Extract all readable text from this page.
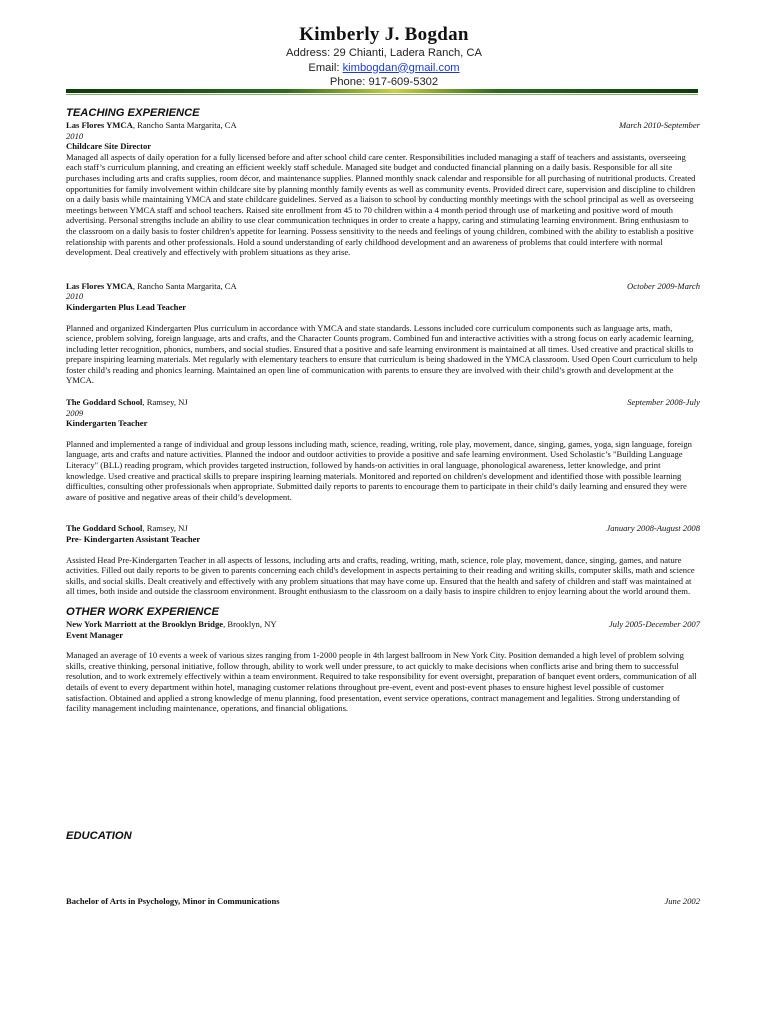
Kimberly J. Bogdan
Address: 29 Chianti, Ladera Ranch, CA
Email: kimbogdan@gmail.com
Phone: 917-609-5302
TEACHING EXPERIENCE
Las Flores YMCA, Rancho Santa Margarita, CA	March 2010-September
2010
Childcare Site Director

Managed all aspects of daily operation for a fully licensed before and after school child care center. Responsibilities included managing a staff of teachers and assistants, overseeing each staff’s curriculum planning, and creating an efficient weekly staff schedule. Managed site budget and conducted financial planning on a daily basis. Responsible for all site purchases including arts and crafts supplies, room décor, and maintenance supplies. Planned monthly snack calendar and responsible for all purchasing of nutritional products. Created opportunities for family involvement within childcare site by planning monthly family events as well as community events. Provided direct care, supervision and discipline to children on a daily basis while maintaining YMCA and state childcare guidelines. Served as a liaison to school by conducting monthly meetings with the school principal as well as overseeing meetings between YMCA staff and school teachers. Raised site enrollment from 45 to 70 children within a 4 month period through use of marketing and positive word of mouth advertising. Personal strengths include an ability to use clear communication techniques in order to create a happy, caring and stimulating learning environment. Bring enthusiasm to the classroom on a daily basis to foster children's appetite for learning. Possess sensitivity to the needs and feelings of young children, combined with the ability to establish a positive relationship with parents and other professionals. Hold a sound understanding of early childhood development and an awareness of problems that could interfere with normal development. Deal creatively and effectively with problem situations as they arise.

Las Flores YMCA, Rancho Santa Margarita, CA	October 2009-March
2010
Kindergarten Plus Lead Teacher

Planned and organized Kindergarten Plus curriculum in accordance with YMCA and state standards. Lessons included core curriculum components such as language arts, math, science, problem solving, foreign language, arts and crafts, and the Character Counts program. Combined fun and interactive activities with a strong focus on early academic learning, including letter recognition, phonics, numbers, and social studies. Ensured that a positive and safe learning environment is maintained at all times. Used creative and practical skills to prepare inspiring learning materials. Met regularly with elementary teachers to ensure that curriculum is being shadowed in the YMCA classroom. Used Open Court curriculum to help foster child’s reading and phonics learning. Maintained an open line of communication with parents to ensure they are involved with their child’s growth and development at the YMCA.

The Goddard School, Ramsey, NJ	September 2008-July
2009
Kindergarten Teacher

Planned and implemented a range of individual and group lessons including math, science, reading, writing, role play, movement, dance, singing, games, yoga, sign language, foreign language, arts and crafts and nature activities. Planned the indoor and outdoor activities to provide a positive and safe learning environment. Used Scholastic’s "Building Language Literacy" (BLL) reading program, which provides targeted instruction, followed by hands-on activities in oral language, phonological awareness, letter knowledge, and print knowledge. Used creative and practical skills to prepare inspiring learning materials. Monitored and reported on children's development and identified those with possible learning difficulties, consulting other professionals when appropriate. Submitted daily reports to parents to encourage them to participate in their child’s daily learning and ensured they were aware of positive and negative areas of their child’s development.

The Goddard School, Ramsey, NJ	January 2008-August 2008
Pre- Kindergarten Assistant Teacher

Assisted Head Pre-Kindergarten Teacher in all aspects of lessons, including arts and crafts, reading, writing, math, science, role play, movement, dance, singing, games, and nature activities. Filled out daily reports to be given to parents concerning each child's development in aspects pertaining to their reading and writing skills, computer skills, math and science skills, and social skills. Dealt creatively and effectively with any problem situations that may have come up. Ensured that the health and safety of children and staff was maintained at all times, both inside and outside the classroom environment. Brought enthusiasm to the classroom on a daily basis to inspire children to enjoy learning about the world around them.

OTHER WORK EXPERIENCE
New York Marriott at the Brooklyn Bridge, Brooklyn, NY	July 2005-December 2007
Event Manager

Managed an average of 10 events a week of various sizes ranging from 1-2000 people in 4th largest ballroom in New York City. Position demanded a high level of problem solving skills, creative thinking, personal initiative, follow through, ability to work well under pressure, to act quickly to make decisions when conflicts arise and bring them to successful resolution, and to work extremely effectively within a team environment. Required to take responsibility for event oversight, preparation of banquet event orders, communication of all details of event to every department within hotel, managing customer relations throughout pre-event, event and post-event phases to ensure highest level possible of customer satisfaction. Obtained and applied a strong knowledge of menu planning, food presentation, event service operations, contract management and legalities. Strong understanding of facility management including maintenance, operations, and financial obligations.

EDUCATION
Bachelor of Arts in Psychology, Minor in Communications	June 2002
